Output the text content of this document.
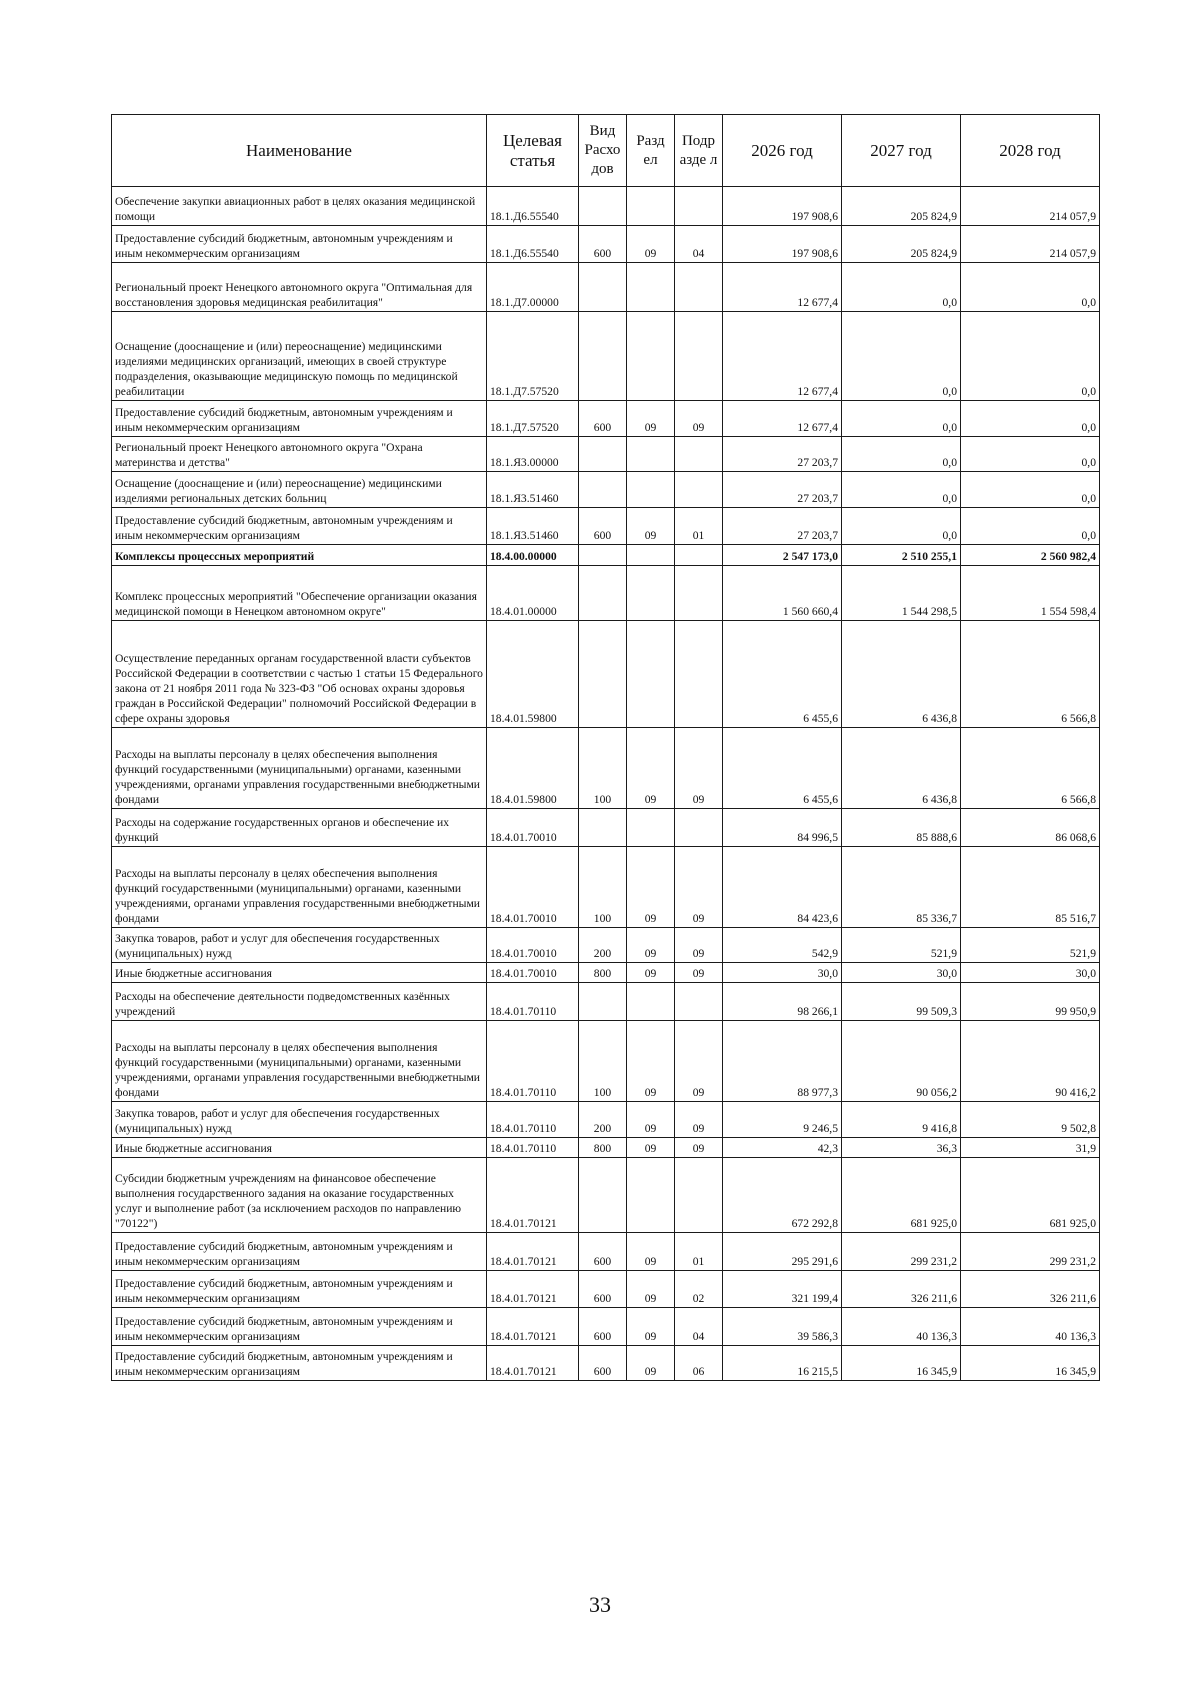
Наименование	Целевая статья	Вид Расхо дов	Разд ел	Подр азде л	2026 год	2027 год	2028 год
Обеспечение закупки авиационных работ в целях оказания медицинской помощи	18.1.Д6.55540				197 908,6	205 824,9	214 057,9
Предоставление субсидий бюджетным, автономным учреждениям и иным некоммерческим организациям	18.1.Д6.55540	600	09	04	197 908,6	205 824,9	214 057,9
Региональный проект Ненецкого автономного округа "Оптимальная для восстановления здоровья медицинская реабилитация"	18.1.Д7.00000				12 677,4	0,0	0,0
Оснащение (дооснащение и (или) переоснащение) медицинскими изделиями медицинских организаций, имеющих в своей структуре подразделения, оказывающие медицинскую помощь по медицинской реабилитации	18.1.Д7.57520				12 677,4	0,0	0,0
Предоставление субсидий бюджетным, автономным учреждениям и иным некоммерческим организациям	18.1.Д7.57520	600	09	09	12 677,4	0,0	0,0
Региональный проект Ненецкого автономного округа "Охрана материнства и детства"	18.1.Я3.00000				27 203,7	0,0	0,0
Оснащение (дооснащение и (или) переоснащение) медицинскими изделиями региональных детских больниц	18.1.Я3.51460				27 203,7	0,0	0,0
Предоставление субсидий бюджетным, автономным учреждениям и иным некоммерческим организациям	18.1.Я3.51460	600	09	01	27 203,7	0,0	0,0
Комплексы процессных мероприятий	18.4.00.00000				2 547 173,0	2 510 255,1	2 560 982,4
Комплекс процессных мероприятий "Обеспечение организации оказания медицинской помощи в Ненецком автономном округе"	18.4.01.00000				1 560 660,4	1 544 298,5	1 554 598,4
Осуществление переданных органам государственной власти субъектов Российской Федерации в соответствии с частью 1 статьи 15 Федерального закона от 21 ноября 2011 года № 323-ФЗ "Об основах охраны здоровья граждан в Российской Федерации" полномочий Российской Федерации в сфере охраны здоровья	18.4.01.59800				6 455,6	6 436,8	6 566,8
Расходы на выплаты персоналу в целях обеспечения выполнения функций государственными (муниципальными) органами, казенными учреждениями, органами управления государственными внебюджетными фондами	18.4.01.59800	100	09	09	6 455,6	6 436,8	6 566,8
Расходы на содержание государственных органов и обеспечение их функций	18.4.01.70010				84 996,5	85 888,6	86 068,6
Расходы на выплаты персоналу в целях обеспечения выполнения функций государственными (муниципальными) органами, казенными учреждениями, органами управления государственными внебюджетными фондами	18.4.01.70010	100	09	09	84 423,6	85 336,7	85 516,7
Закупка товаров, работ и услуг для обеспечения государственных (муниципальных) нужд	18.4.01.70010	200	09	09	542,9	521,9	521,9
Иные бюджетные ассигнования	18.4.01.70010	800	09	09	30,0	30,0	30,0
Расходы на обеспечение деятельности подведомственных казённых учреждений	18.4.01.70110				98 266,1	99 509,3	99 950,9
Расходы на выплаты персоналу в целях обеспечения выполнения функций государственными (муниципальными) органами, казенными учреждениями, органами управления государственными внебюджетными фондами	18.4.01.70110	100	09	09	88 977,3	90 056,2	90 416,2
Закупка товаров, работ и услуг для обеспечения государственных (муниципальных) нужд	18.4.01.70110	200	09	09	9 246,5	9 416,8	9 502,8
Иные бюджетные ассигнования	18.4.01.70110	800	09	09	42,3	36,3	31,9
Субсидии бюджетным учреждениям на финансовое обеспечение выполнения государственного задания на оказание государственных услуг и выполнение работ (за исключением расходов по направлению "70122")	18.4.01.70121				672 292,8	681 925,0	681 925,0
Предоставление субсидий бюджетным, автономным учреждениям и иным некоммерческим организациям	18.4.01.70121	600	09	01	295 291,6	299 231,2	299 231,2
Предоставление субсидий бюджетным, автономным учреждениям и иным некоммерческим организациям	18.4.01.70121	600	09	02	321 199,4	326 211,6	326 211,6
Предоставление субсидий бюджетным, автономным учреждениям и иным некоммерческим организациям	18.4.01.70121	600	09	04	39 586,3	40 136,3	40 136,3
Предоставление субсидий бюджетным, автономным учреждениям и иным некоммерческим организациям	18.4.01.70121	600	09	06	16 215,5	16 345,9	16 345,9
33
